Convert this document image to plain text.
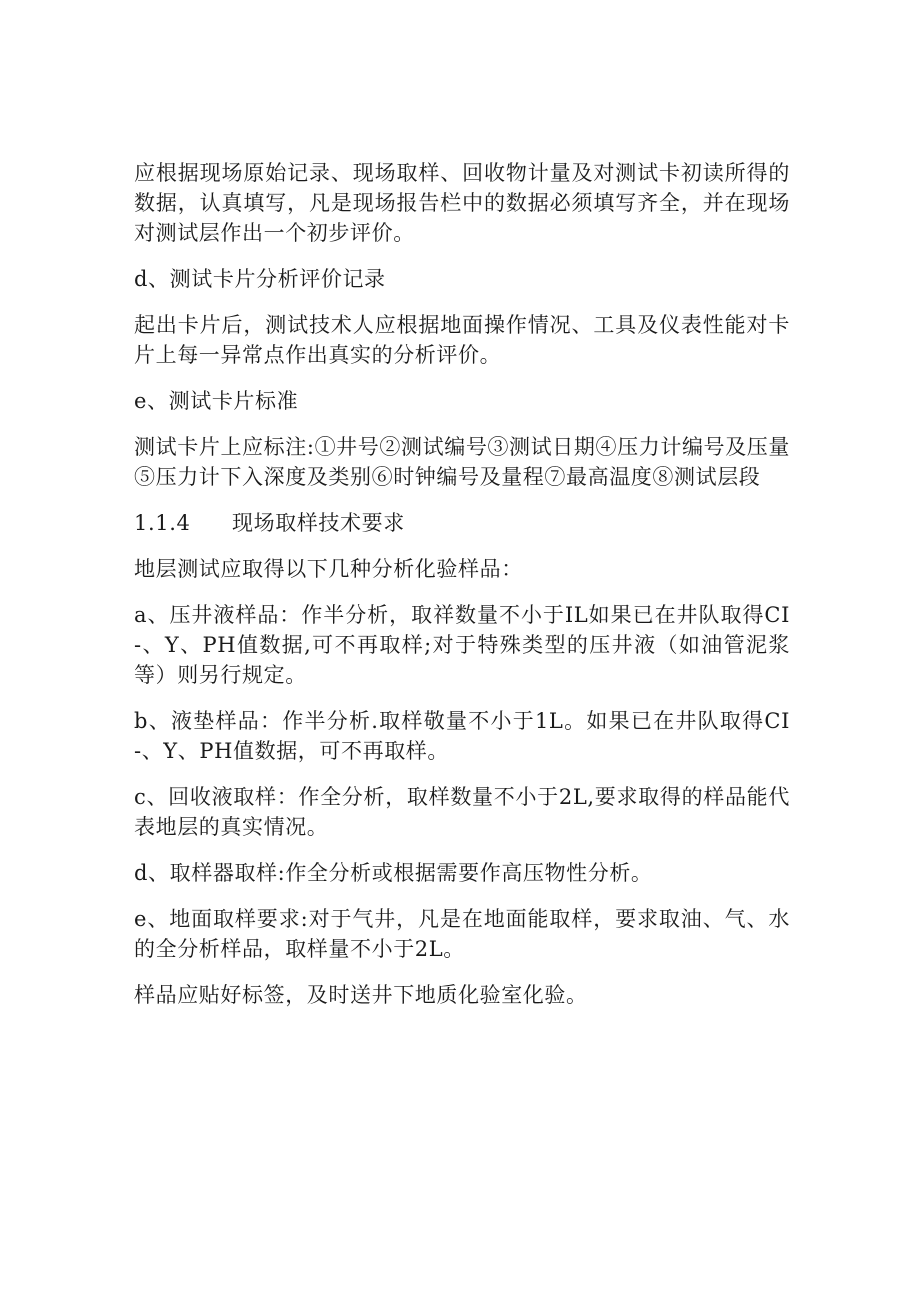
应根据现场原始记录、现场取样、回收物计量及对测试卡初读所得的数据，认真填写，凡是现场报告栏中的数据必须填写齐全，并在现场对测试层作出一个初步评价。

d、测试卡片分析评价记录

起出卡片后，测试技术人应根据地面操作情况、工具及仪表性能对卡片上每一异常点作出真实的分析评价。

e、测试卡片标准

测试卡片上应标注:①井号②测试编号③测试日期④压力计编号及压量⑤压力计下入深度及类别⑥时钟编号及量程⑦最高温度⑧测试层段

1.1.4 现场取样技术要求

地层测试应取得以下几种分析化验样品：

a、压井液样品：作半分析，取祥数量不小于IL如果已在井队取得CI-、Y、PH值数据,可不再取样;对于特殊类型的压井液（如油管泥浆等）则另行规定。

b、液垫样品：作半分析.取样敬量不小于1L。如果已在井队取得CI-、Y、PH值数据，可不再取样。

c、回收液取样：作全分析，取样数量不小于2L,要求取得的样品能代表地层的真实情况。

d、取样器取样:作全分析或根据需要作高压物性分析。

e、地面取样要求:对于气井，凡是在地面能取样，要求取油、气、水的全分析样品，取样量不小于2L。

样品应贴好标签，及时送井下地质化验室化验。
